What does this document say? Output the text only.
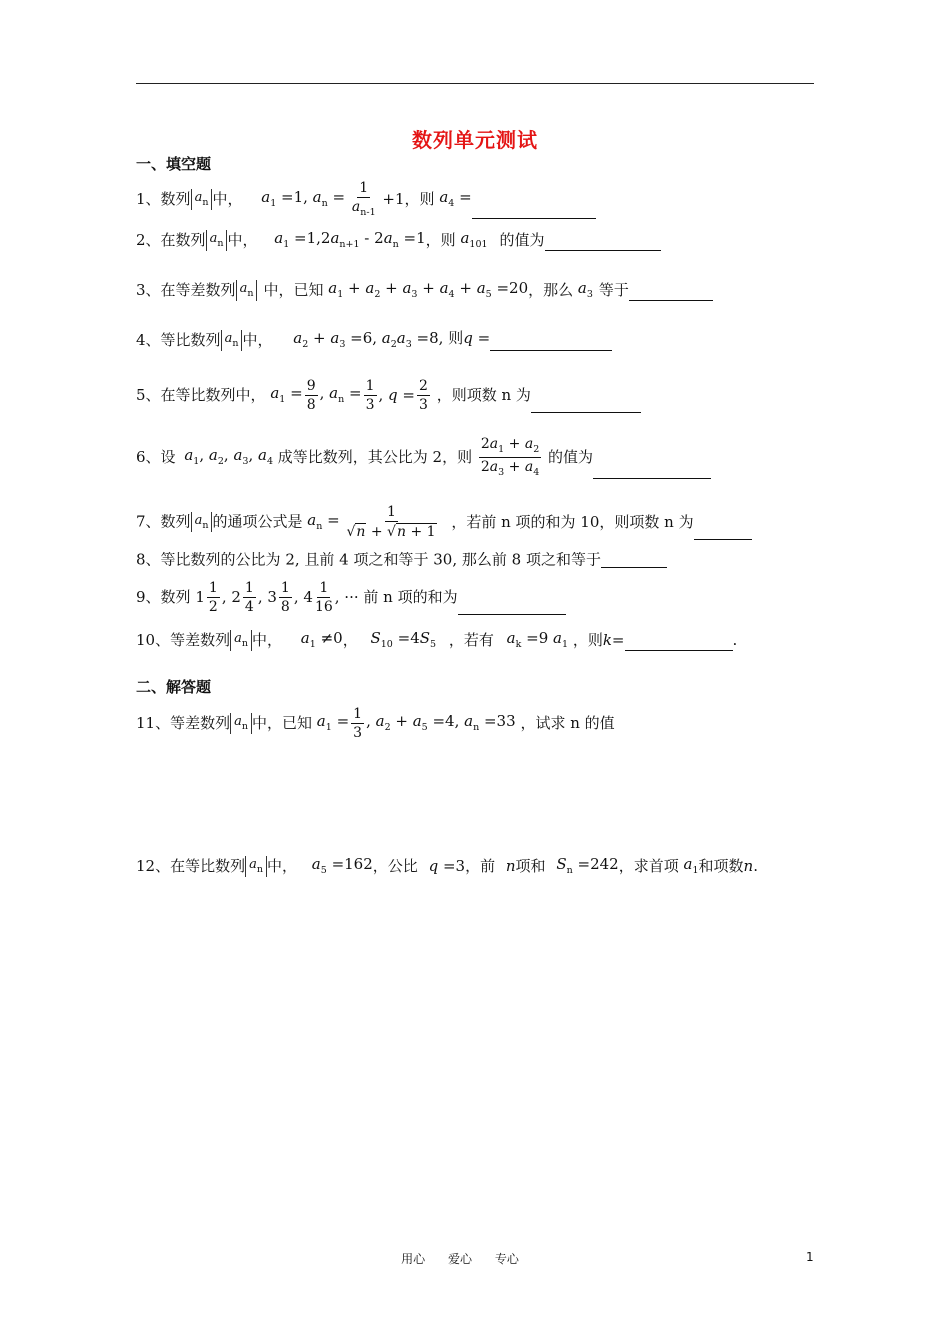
数列单元测试
一、填空题
1、数列 $a_n$ 中， $a_1 =1$, $a_n = \frac{1}{a_{n-1}} +1$，则 $a_4$ =
2、在数列 $a_n$ 中， $a_1 =1,2a_{n+1} - 2a_n =1$，则 $a_{101}$ 的值为
3、在等差数列 $a_n$ 中，已知 $a_1 + a_2 + a_3 + a_4 + a_5 =20$，那么 $a_3$ 等于
4、等比数列 $a_n$ 中， $a_2 + a_3 =6$, $a_2a_3 =8$, 则q =
5、在等比数列中， $a_1 = \frac{9}{8}$ , $a_n = \frac{1}{3}$ , $q = \frac{2}{3}$ ，则项数 n 为
6、设 $a_1$, $a_2$, $a_3$, $a_4$ 成等比数列，其公比为 2，则 $\frac{2a_1 + a_2}{2a_3 + a_4}$ 的值为
7、数列 $a_n$ 的通项公式是 $a_n = \frac{1}{√n + √n + 1}$ ，若前 n 项的和为 10，则项数 n 为
8、等比数列的公比为 2, 且前 4 项之和等于 30, 那么前 8 项之和等于
9、数列 $1 \frac{1}{2}$ , $2 \frac{1}{4}$ , $3 \frac{1}{8}$ , $4 \frac{1}{16}$ , ··· 前 n 项的和为
10、等差数列 $a_n$ 中， $a_1 \ne 0$， $S_{10} =4S_5$ ，若有 $a_k =9$ $a_1$ ，则k=	.
二、解答题
11、等差数列 $a_n$ 中，已知 $a_1 = \frac{1}{3}$ , $a_2 + a_5 =4$, $a_n =33$ ，试求 n 的值
12、在等比数列 $a_n$ 中， $a_5 =162$，公比 q =3，前 n项和 $S_n =242$，求首项 $a_1$和项数n.
用心      爱心      专心	1
